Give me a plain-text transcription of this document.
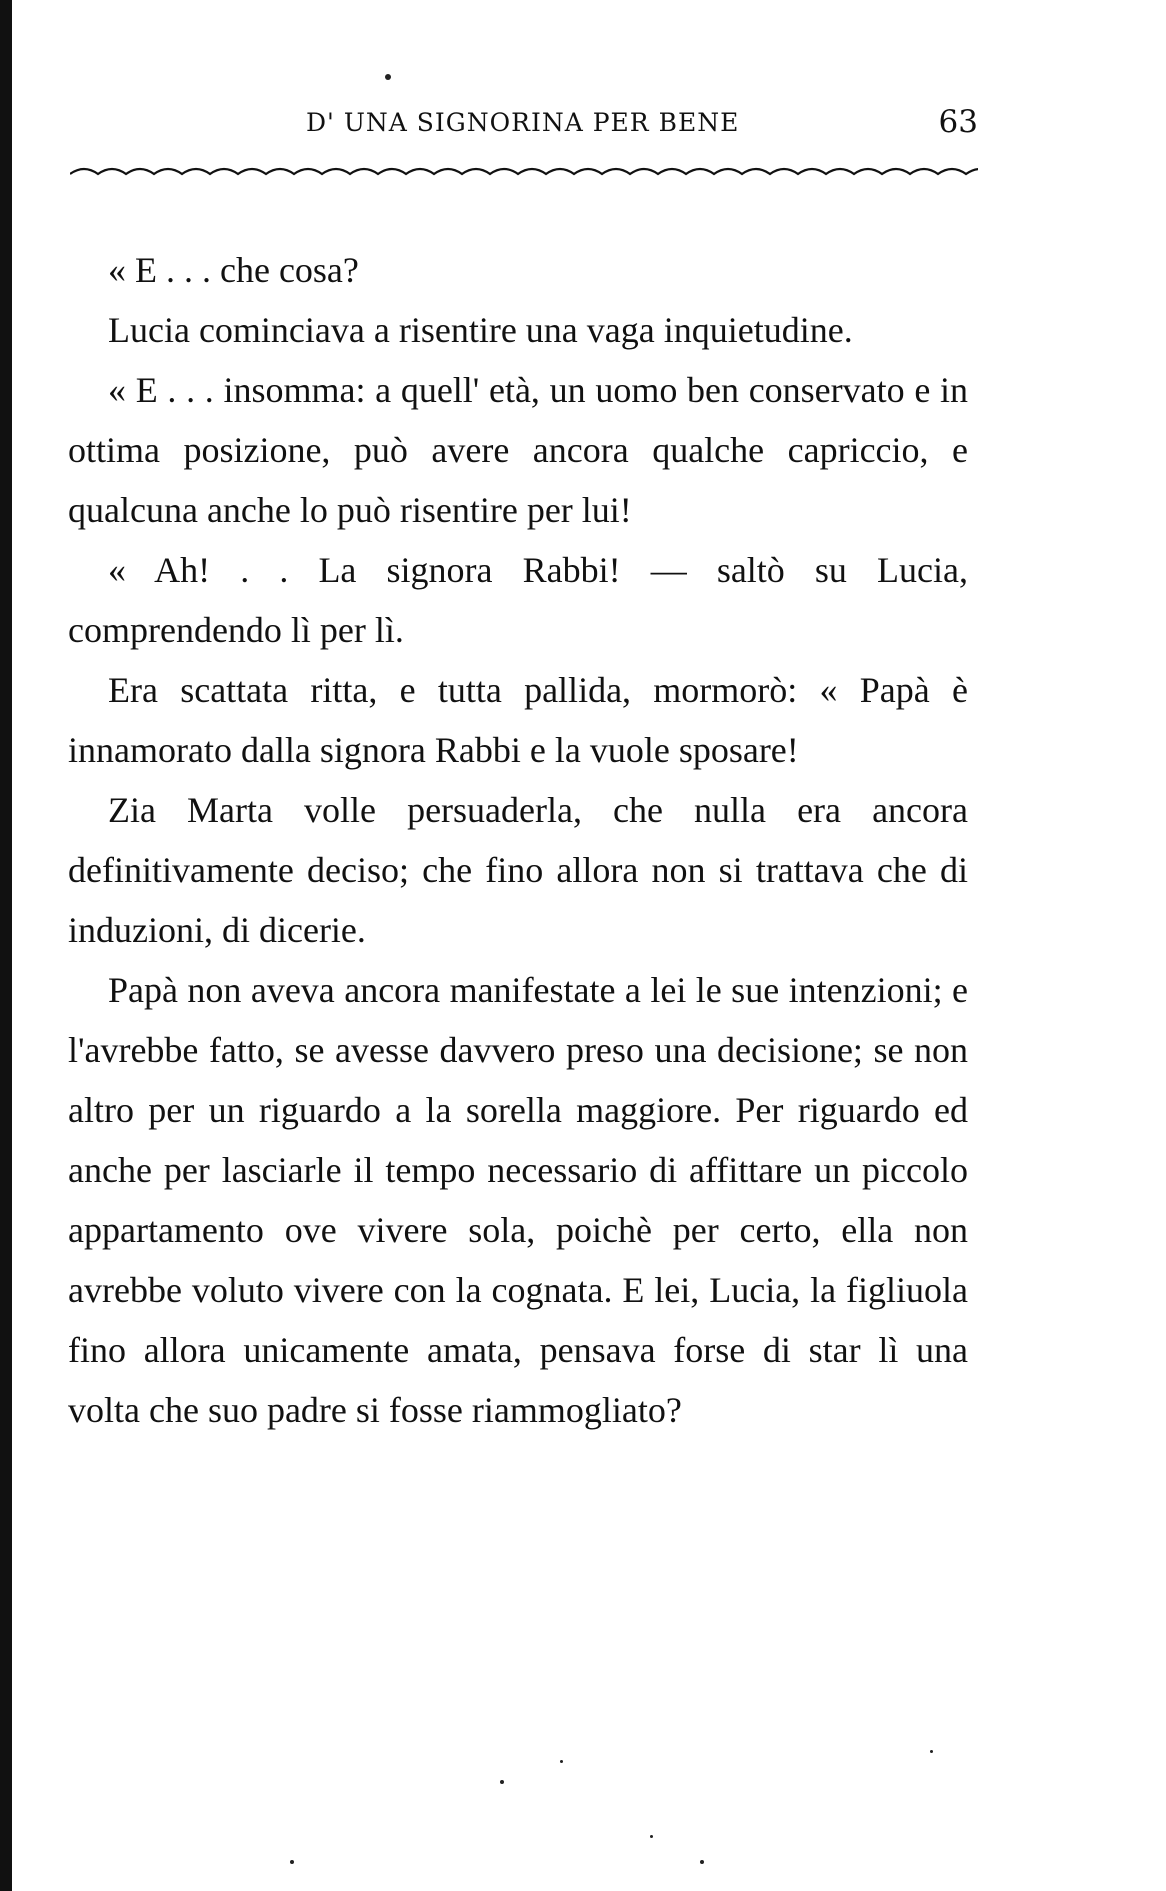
D' UNA SIGNORINA PER BENE	63

« E . . . che cosa?

Lucia cominciava a risentire una vaga inquietudine.

« E . . . insomma: a quell' età, un uomo ben conservato e in ottima posizione, può avere ancora qualche capriccio, e qualcuna anche lo può risentire per lui!

« Ah! . . La signora Rabbi! — saltò su Lucia, comprendendo lì per lì.

Era scattata ritta, e tutta pallida, mormorò: « Papà è innamorato dalla signora Rabbi e la vuole sposare!

Zia Marta volle persuaderla, che nulla era ancora definitivamente deciso; che fino allora non si trattava che di induzioni, di dicerie.

Papà non aveva ancora manifestate a lei le sue intenzioni; e l'avrebbe fatto, se avesse davvero preso una decisione; se non altro per un riguardo a la sorella maggiore. Per riguardo ed anche per lasciarle il tempo necessario di affittare un piccolo appartamento ove vivere sola, poichè per certo, ella non avrebbe voluto vivere con la cognata. E lei, Lucia, la figliuola fino allora unicamente amata, pensava forse di star lì una volta che suo padre si fosse riammogliato?
